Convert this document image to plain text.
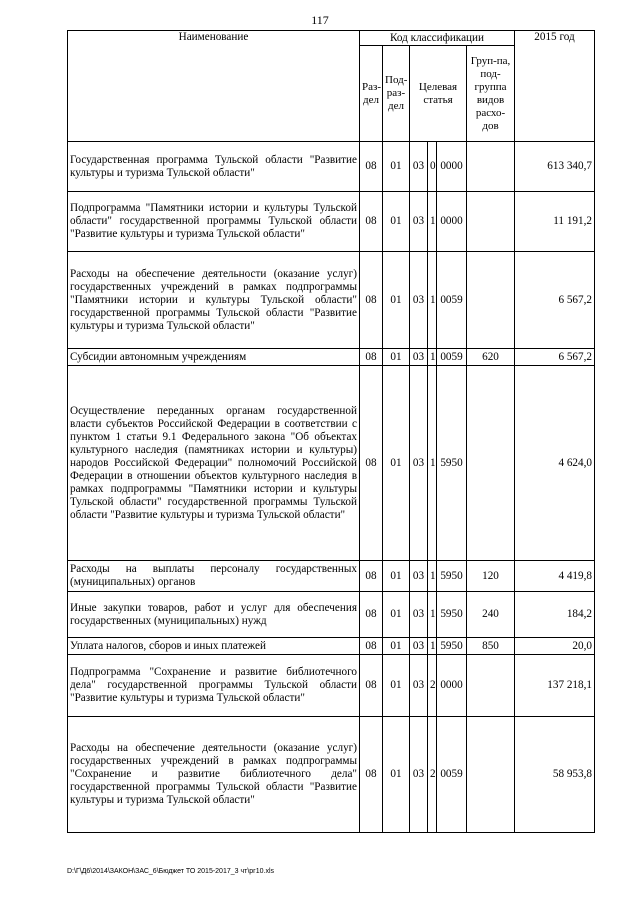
117
Наименование	Код классификации						2015 год
	Раз-дел	Под-раз-дел	Целевая статья			Груп-па, под-группа видов расхо-дов	
Государственная программа Тульской области "Развитие культуры и туризма Тульской области"	08	01	03	0	0000		613 340,7
Подпрограмма "Памятники истории и культуры Тульской области" государственной программы Тульской области "Развитие культуры и туризма Тульской области"	08	01	03	1	0000		11 191,2
Расходы на обеспечение деятельности (оказание услуг) государственных учреждений в рамках подпрограммы "Памятники истории и культуры Тульской области" государственной программы Тульской области "Развитие культуры и туризма Тульской области"	08	01	03	1	0059		6 567,2
Субсидии автономным учреждениям	08	01	03	1	0059	620	6 567,2
Осуществление переданных органам государственной власти субъектов Российской Федерации в соответствии с пунктом 1 статьи 9.1 Федерального закона "Об объектах культурного наследия (памятниках истории и культуры) народов Российской Федерации" полномочий Российской Федерации в отношении объектов культурного наследия в рамках подпрограммы "Памятники истории и культуры Тульской области" государственной программы Тульской области "Развитие культуры и туризма Тульской области"	08	01	03	1	5950		4 624,0
Расходы на выплаты персоналу государственных (муниципальных) органов	08	01	03	1	5950	120	4 419,8
Иные закупки товаров, работ и услуг для обеспечения государственных (муниципальных) нужд	08	01	03	1	5950	240	184,2
Уплата налогов, сборов и иных платежей	08	01	03	1	5950	850	20,0
Подпрограмма "Сохранение и развитие библиотечного дела" государственной программы Тульской области "Развитие культуры и туризма Тульской области"	08	01	03	2	0000		137 218,1
Расходы на обеспечение деятельности (оказание услуг) государственных учреждений в рамках подпрограммы "Сохранение и развитие библиотечного дела" государственной программы Тульской области "Развитие культуры и туризма Тульской области"	08	01	03	2	0059		58 953,8
D:\Г\Д6\2014\ЗАКОН\ЗАС_6\Бюджет ТО 2015-2017_3 чт\рг10.xls
